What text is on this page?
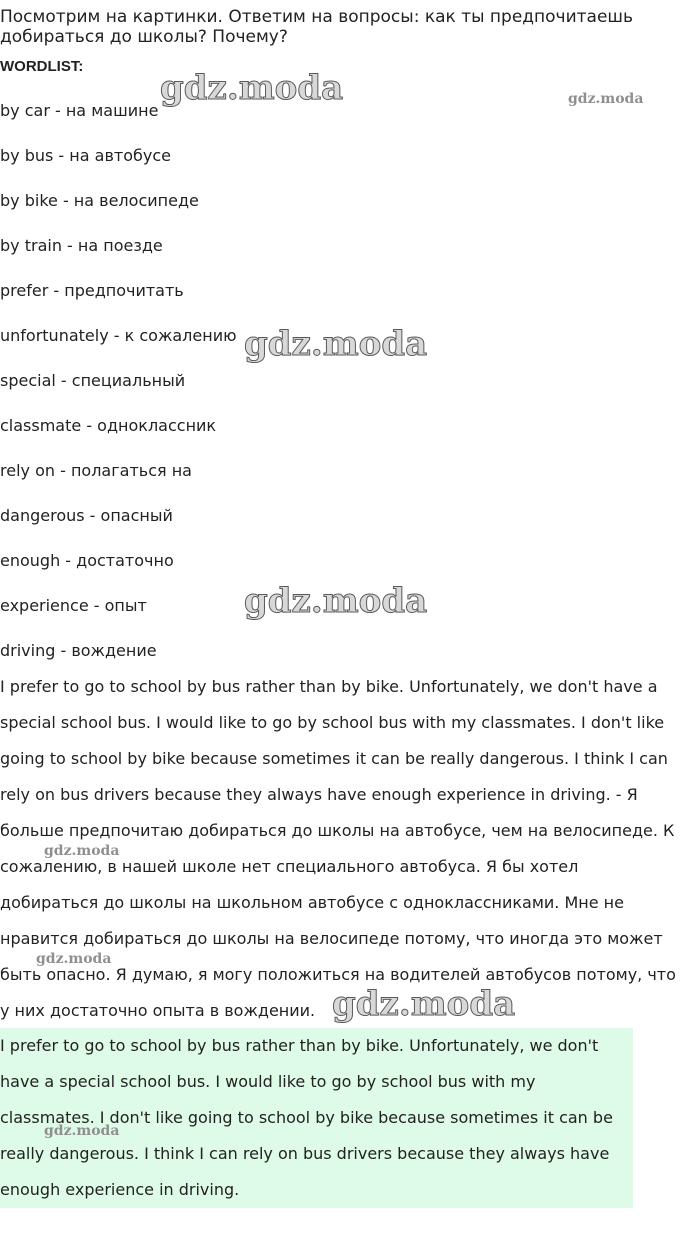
Посмотрим на картинки. Ответим на вопросы: как ты предпочитаешь
добираться до школы? Почему?
WORDLIST:
by car - на машине
by bus - на автобусе
by bike - на велосипеде
by train - на поезде
prefer - предпочитать
unfortunately - к сожалению
special - специальный
classmate - одноклассник
rely on - полагаться на
dangerous - опасный
enough - достаточно
experience - опыт
driving - вождение

I prefer to go to school by bus rather than by bike. Unfortunately, we don't have a special school bus. I would like to go by school bus with my classmates. I don't like going to school by bike because sometimes it can be really dangerous. I think I can rely on bus drivers because they always have enough experience in driving. - Я больше предпочитаю добираться до школы на автобусе, чем на велосипеде. К сожалению, в нашей школе нет специального автобуса. Я бы хотел добираться до школы на школьном автобусе с одноклассниками. Мне не нравится добираться до школы на велосипеде потому, что иногда это может быть опасно. Я думаю, я могу положиться на водителей автобусов потому, что у них достаточно опыта в вождении.

I prefer to go to school by bus rather than by bike. Unfortunately, we don't have a special school bus. I would like to go by school bus with my classmates. I don't like going to school by bike because sometimes it can be really dangerous. I think I can rely on bus drivers because they always have enough experience in driving.

gdz.moda	gdz.moda
gdz.moda
gdz.moda
gdz.moda
gdz.moda
gdz.moda
gdz.moda
